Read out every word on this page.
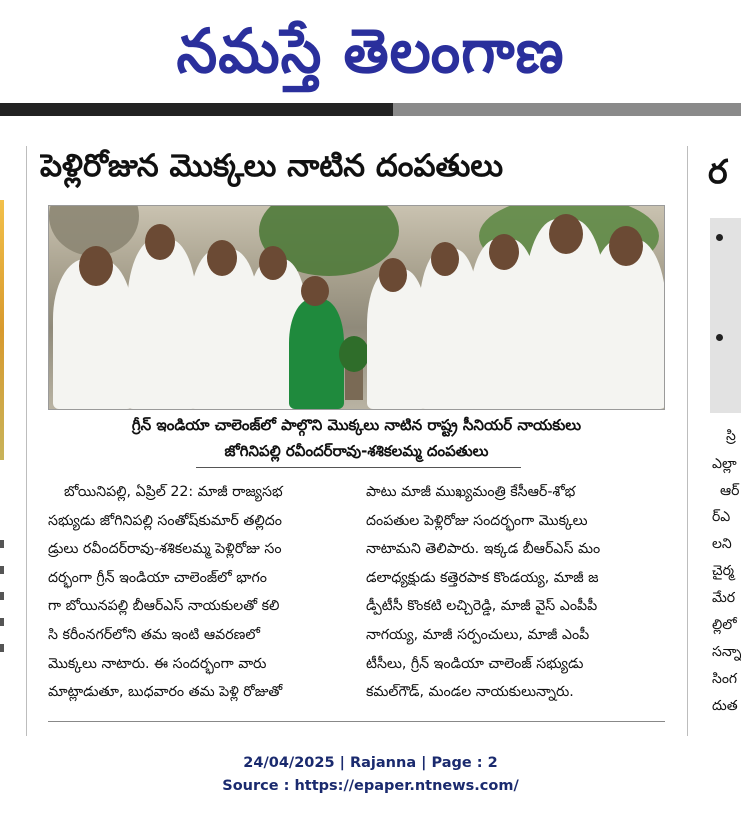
నమస్తే తెలంగాణ
పెళ్లిరోజున మొక్కలు నాటిన దంపతులు
గ్రీన్ ఇండియా చాలెంజ్‌లో పాల్గొని మొక్కలు నాటిన రాష్ట్ర సీనియర్ నాయకులు
జోగినిపల్లి రవీందర్‌రావు-శశికలమ్మ దంపతులు
బోయినిపల్లి, ఏప్రిల్ 22: మాజీ రాజ్యసభ
సభ్యుడు జోగినిపల్లి సంతోష్‌కుమార్ తల్లిదం
డ్రులు రవీందర్‌రావు-శశికలమ్మ పెళ్లిరోజు సం
దర్భంగా గ్రీన్ ఇండియా చాలెంజ్‌లో భాగం
గా బోయినపల్లి బీఆర్‌ఎస్ నాయకులతో కలి
సి కరీంనగర్‌లోని తమ ఇంటి ఆవరణలో
మొక్కలు నాటారు. ఈ సందర్భంగా వారు
మాట్లాడుతూ, బుధవారం తమ పెళ్లి రోజుతో
పాటు మాజీ ముఖ్యమంత్రి కేసీఆర్-శోభ
దంపతుల పెళ్లిరోజు సందర్భంగా మొక్కలు
నాటామని తెలిపారు. ఇక్కడ బీఆర్‌ఎస్ మం
డలాధ్యక్షుడు కత్తెరపాక కొండయ్య, మాజీ జ
డ్పీటీసీ కొంకటి లచ్చిరెడ్డి, మాజీ వైస్ ఎంపీపీ
నాగయ్య, మాజీ సర్పంచులు, మాజీ ఎంపీ
టీసీలు, గ్రీన్ ఇండియా చాలెంజ్ సభ్యుడు
కమల్‌గౌడ్, మండల నాయకులున్నారు.
ర
స్రి
ఎల్లా
ఆర్
ర్‌ఎ
లని
చైర్మ
మేర
ల్లిలో
సన్నా
సింగ
దుత
24/04/2025 | Rajanna | Page : 2
Source : https://epaper.ntnews.com/
